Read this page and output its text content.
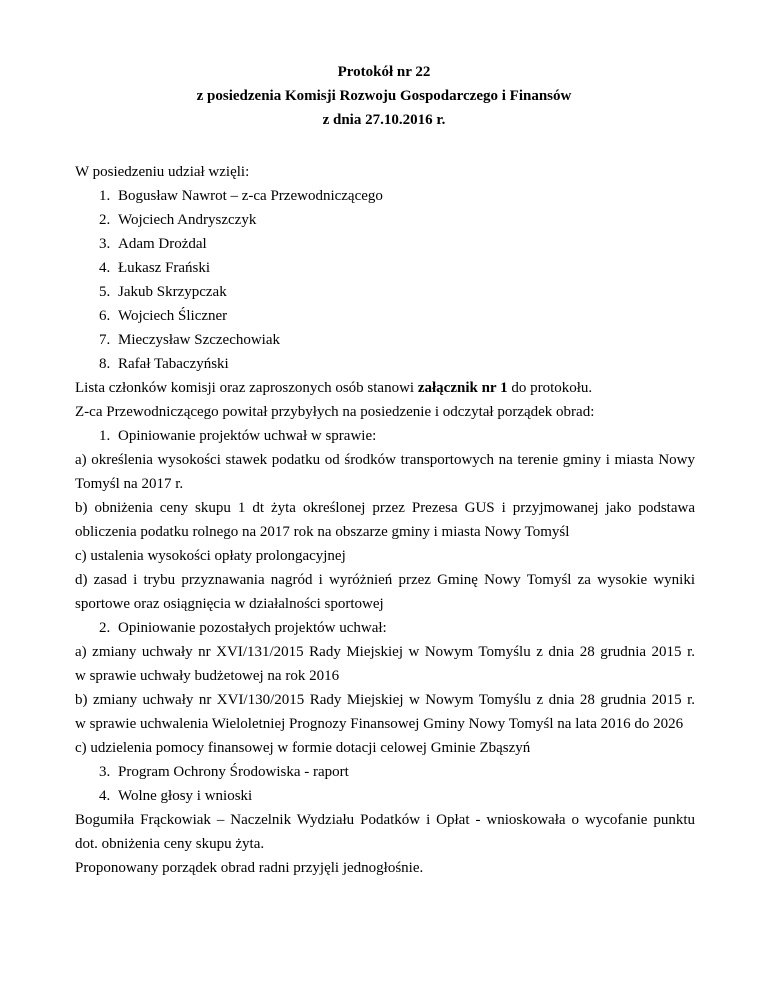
Protokół nr 22
z posiedzenia Komisji Rozwoju Gospodarczego i Finansów
z dnia 27.10.2016 r.
W posiedzeniu udział wzięli:
1. Bogusław Nawrot – z-ca Przewodniczącego
2. Wojciech Andryszczyk
3. Adam Drożdal
4. Łukasz Frański
5. Jakub Skrzypczak
6. Wojciech Śliczner
7. Mieczysław Szczechowiak
8. Rafał Tabaczyński
Lista członków komisji oraz zaproszonych osób stanowi załącznik nr 1 do protokołu.
Z-ca Przewodniczącego powitał przybyłych na posiedzenie i odczytał porządek obrad:
1. Opiniowanie projektów uchwał w sprawie:
a) określenia wysokości stawek podatku od środków transportowych na terenie gminy i miasta Nowy
Tomyśl na 2017 r.
b) obniżenia ceny skupu 1 dt żyta określonej przez Prezesa GUS i przyjmowanej jako podstawa
obliczenia podatku rolnego na 2017 rok na obszarze gminy i miasta Nowy Tomyśl
c) ustalenia wysokości opłaty prolongacyjnej
d) zasad i trybu przyznawania nagród i wyróżnień przez Gminę Nowy Tomyśl za wysokie wyniki
sportowe oraz osiągnięcia w działalności sportowej
2. Opiniowanie pozostałych projektów uchwał:
a) zmiany uchwały nr XVI/131/2015 Rady Miejskiej w Nowym Tomyślu z dnia 28 grudnia 2015 r.
w sprawie uchwały budżetowej na rok 2016
b) zmiany uchwały nr XVI/130/2015 Rady Miejskiej w Nowym Tomyślu z dnia 28 grudnia 2015 r.
w sprawie uchwalenia Wieloletniej Prognozy Finansowej Gminy Nowy Tomyśl na lata 2016 do 2026
c) udzielenia pomocy finansowej w formie dotacji celowej Gminie Zbąszyń
3. Program Ochrony Środowiska - raport
4. Wolne głosy i wnioski
Bogumiła Frąckowiak – Naczelnik Wydziału Podatków i Opłat - wnioskowała o wycofanie punktu
dot. obniżenia ceny skupu żyta.
Proponowany porządek obrad radni przyjęli jednogłośnie.
